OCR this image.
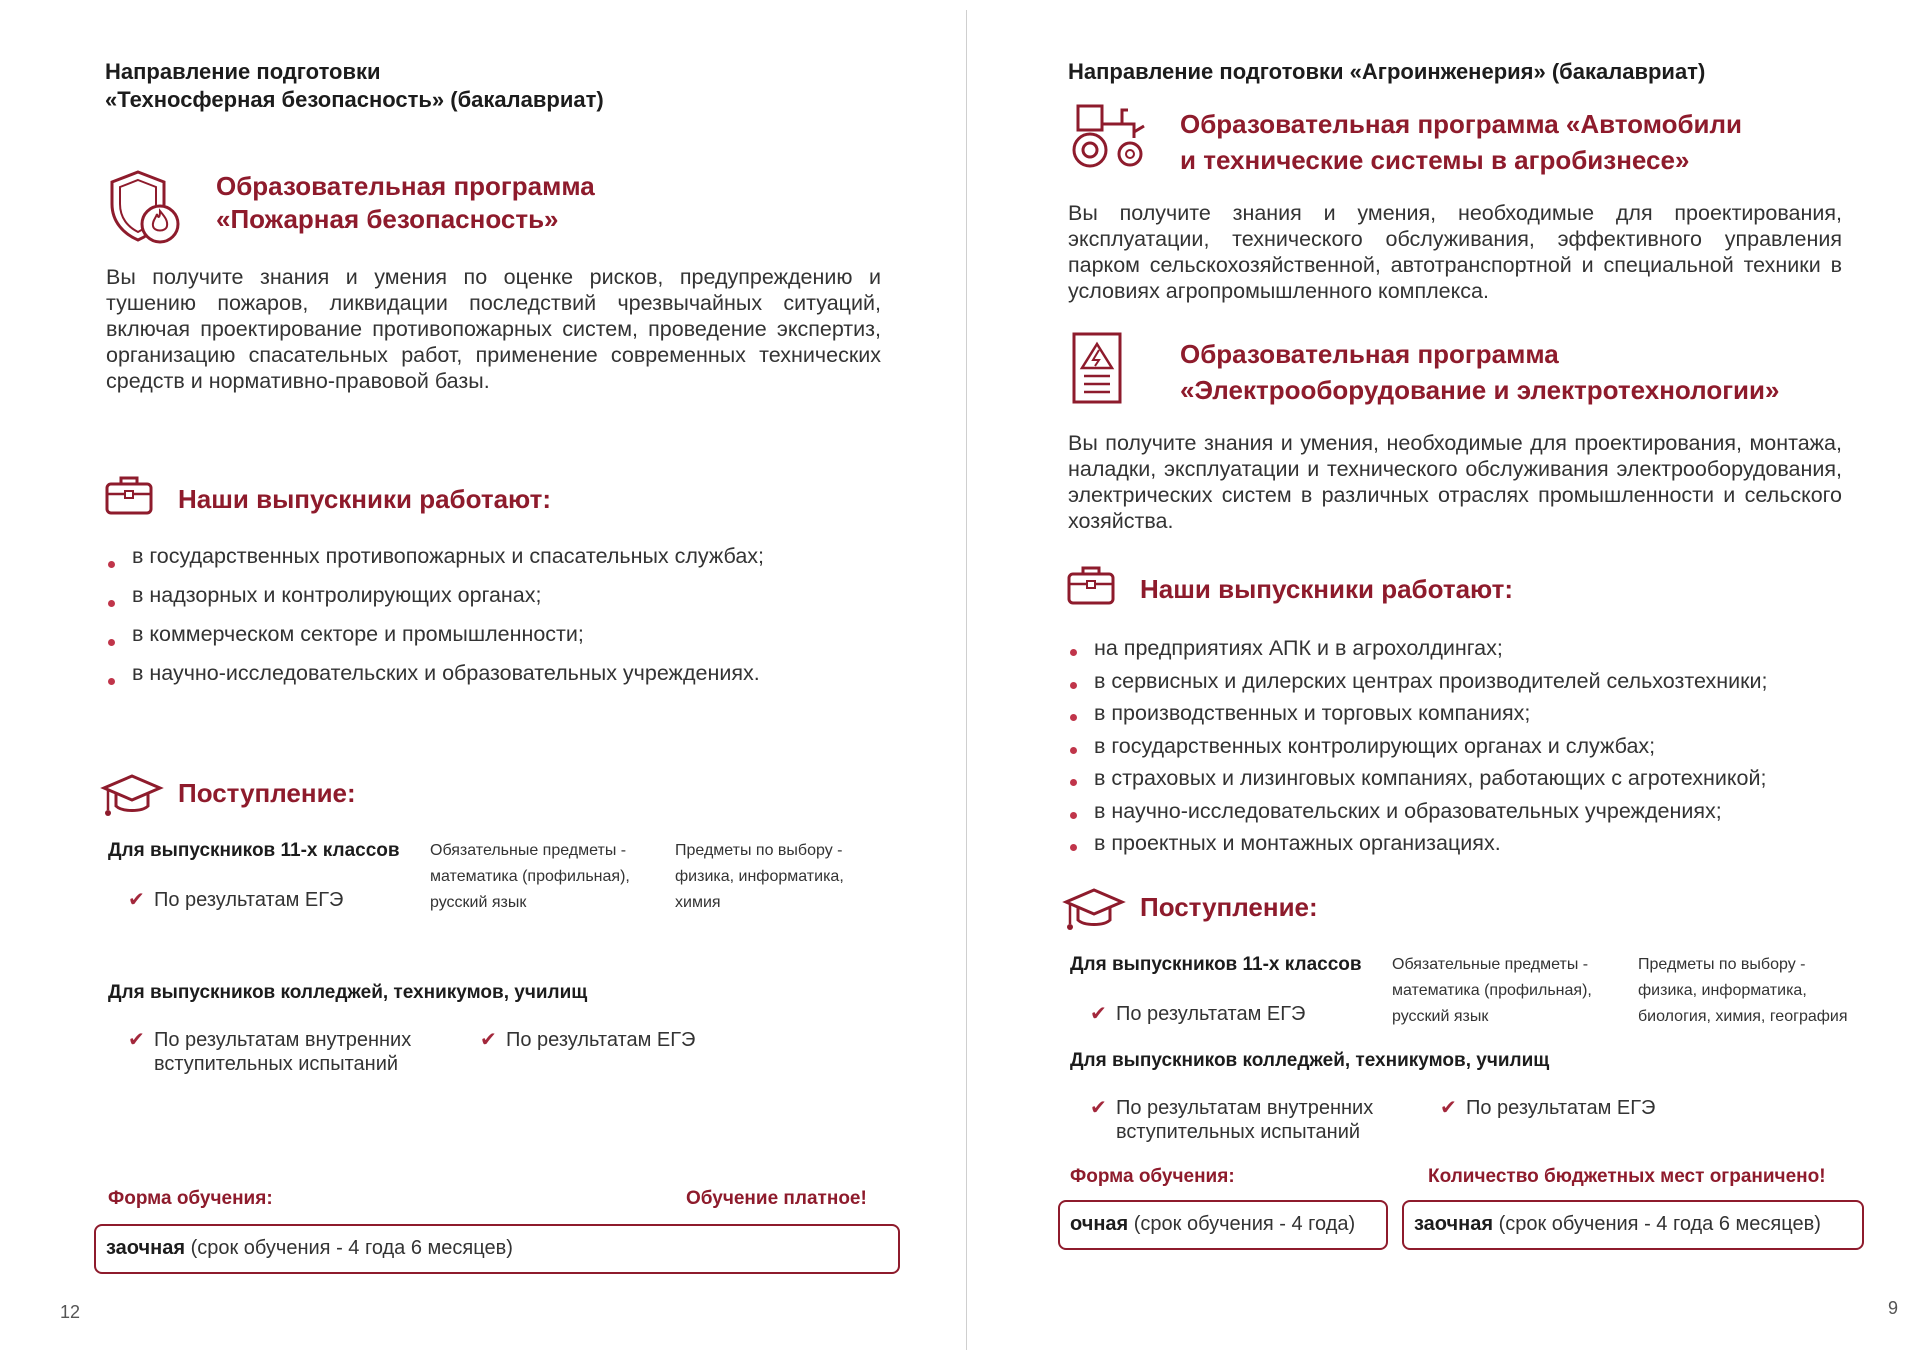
Направление подготовки
«Техносферная безопасность» (бакалавриат)
Образовательная программа
«Пожарная безопасность»
Вы получите знания и умения по оценке рисков, предупреждению и тушению пожаров, ликвидации последствий чрезвычайных ситуаций, включая проектирование противопожарных систем, проведение экспертиз, организацию спасательных работ, применение современных технических средств и нормативно-правовой базы.
Наши выпускники работают:
в государственных противопожарных и спасательных службах;
в надзорных и контролирующих органах;
в коммерческом секторе и промышленности;
в научно-исследовательских и образовательных учреждениях.
Поступление:
Для выпускников 11-х классов
✔ По результатам ЕГЭ
Обязательные предметы -
математика (профильная),
русский язык
Предметы по выбору -
физика, информатика,
химия
Для выпускников колледжей, техникумов, училищ
✔ По результатам внутренних
вступительных испытаний
✔ По результатам ЕГЭ
Форма обучения:	Обучение платное!
заочная (срок обучения - 4 года 6 месяцев)
12
Направление подготовки «Агроинженерия» (бакалавриат)
Образовательная программа «Автомобили
и технические системы в агробизнесе»
Вы получите знания и умения, необходимые для проектирования, эксплуатации, технического обслуживания, эффективного управления парком сельскохозяйственной, автотранспортной и специальной техники в условиях агропромышленного комплекса.
Образовательная программа
«Электрооборудование и электротехнологии»
Вы получите знания и умения, необходимые для проектирования, монтажа, наладки, эксплуатации и технического обслуживания электрооборудования, электрических систем в различных отраслях промышленности и сельского хозяйства.
Наши выпускники работают:
на предприятиях АПК и в агрохолдингах;
в сервисных и дилерских центрах производителей сельхозтехники;
в производственных и торговых компаниях;
в государственных контролирующих органах и службах;
в страховых и лизинговых компаниях, работающих с агротехникой;
в научно-исследовательских и образовательных учреждениях;
в проектных и монтажных организациях.
Поступление:
Для выпускников 11-х классов
✔ По результатам ЕГЭ
Обязательные предметы -
математика (профильная),
русский язык
Предметы по выбору -
физика, информатика,
биология, химия, география
Для выпускников колледжей, техникумов, училищ
✔ По результатам внутренних
вступительных испытаний
✔ По результатам ЕГЭ
Форма обучения:	Количество бюджетных мест ограничено!
очная (срок обучения - 4 года)	заочная (срок обучения - 4 года 6 месяцев)
9
